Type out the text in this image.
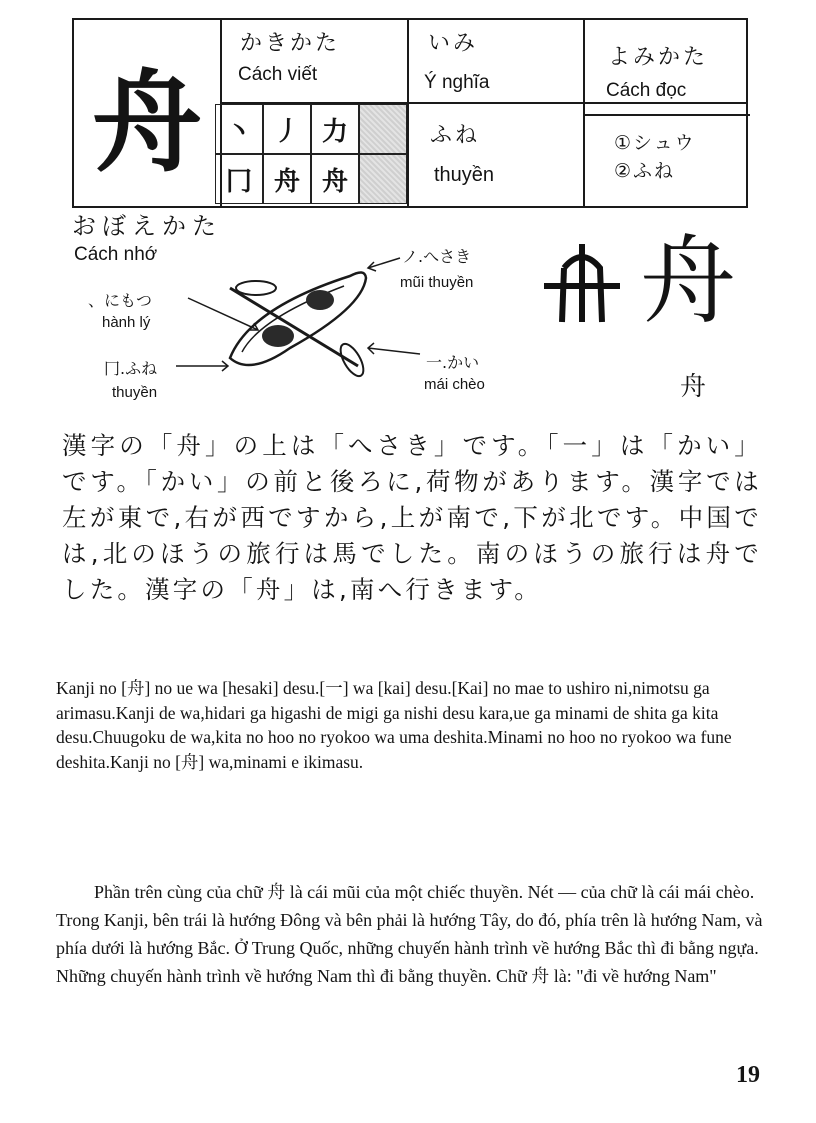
舟
かきかた
Cách viết
いみ
Ý nghĩa
よみかた
Cách đọc
丶 丿 力
冂 舟 舟
ふね
thuyền
①シュウ
②ふね
おぼえかた
Cách nhớ	ノ.へさき
mũi thuyền
、にもつ
hành lý
冂.ふね
thuyền
一.かい
mái chèo
舟
舟
漢字の「舟」の上は「へさき」です。「一」は「かい」です。「かい」の前と後ろに,荷物があります。漢字では左が東で,右が西ですから,上が南で,下が北です。中国では,北のほうの旅行は馬でした。南のほうの旅行は舟でした。漢字の「舟」は,南へ行きます。
Kanji no [舟] no ue wa [hesaki] desu.[一] wa [kai] desu.[Kai] no mae to ushiro ni,nimotsu ga arimasu.Kanji de wa,hidari ga higashi de migi ga nishi desu kara,ue ga minami de shita ga kita desu.Chuugoku de wa,kita no hoo no ryokoo wa uma deshita.Minami no hoo no ryokoo wa fune deshita.Kanji no [舟] wa,minami e ikimasu.
Phần trên cùng của chữ 舟 là cái mũi của một chiếc thuyền. Nét — của chữ là cái mái chèo. Trong Kanji, bên trái là hướng Đông và bên phải là hướng Tây, do đó, phía trên là hướng Nam, và phía dưới là hướng Bắc. Ở Trung Quốc, những chuyến hành trình về hướng Bắc thì đi bằng ngựa. Những chuyến hành trình về hướng Nam thì đi bằng thuyền. Chữ 舟 là: "đi về hướng Nam"
19
